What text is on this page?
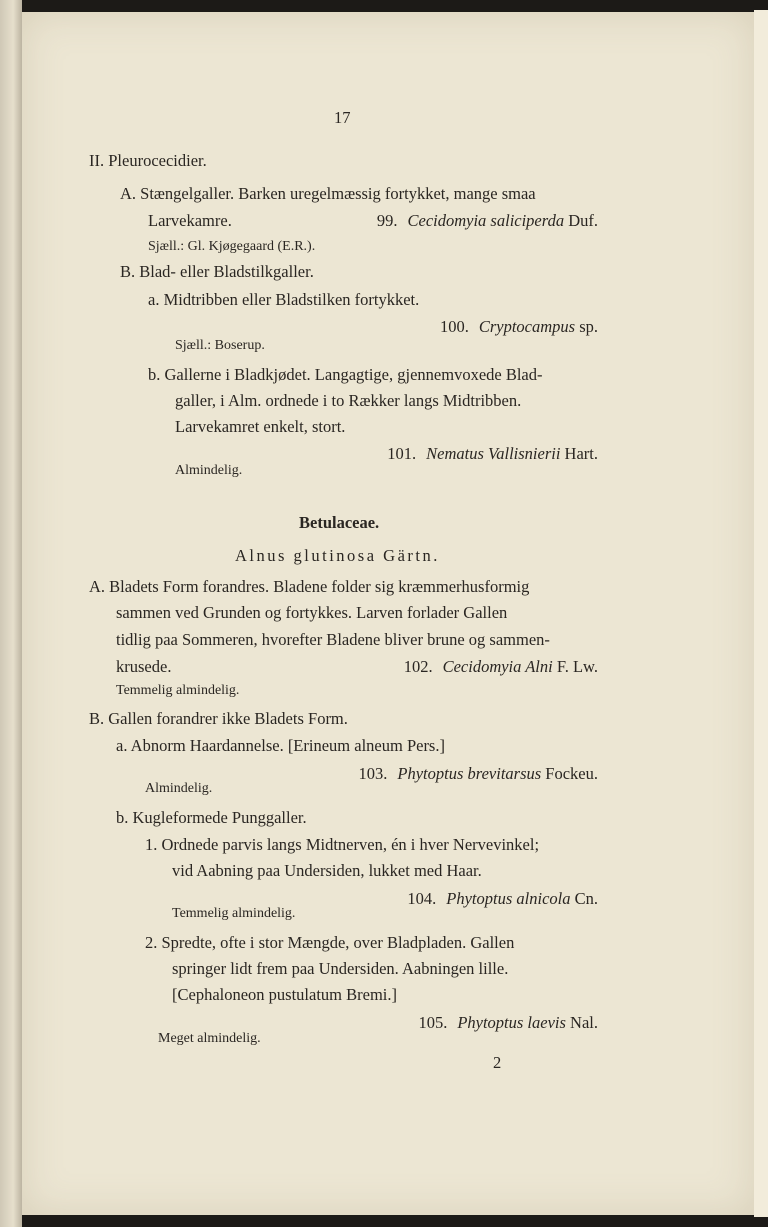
17
II. Pleurocecidier.
A. Stængelgaller. Barken uregelmæssig fortykket, mange smaa
Larvekamre.	99. Cecidomyia saliciperda Duf.
Sjæll.: Gl. Kjøgegaard (E.R.).
B. Blad- eller Bladstilkgaller.
a. Midtribben eller Bladstilken fortykket.
100. Cryptocampus sp.
Sjæll.: Boserup.
b. Gallerne i Bladkjødet. Langagtige, gjennemvoxede Blad-
galler, i Alm. ordnede i to Rækker langs Midtribben.
Larvekamret enkelt, stort.
101. Nematus Vallisnierii Hart.
Almindelig.
Betulaceae.
Alnus glutinosa Gärtn.
A. Bladets Form forandres. Bladene folder sig kræmmerhusformig
sammen ved Grunden og fortykkes. Larven forlader Gallen
tidlig paa Sommeren, hvorefter Bladene bliver brune og sammen-
krusede.	102. Cecidomyia Alni F. Lw.
Temmelig almindelig.
B. Gallen forandrer ikke Bladets Form.
a. Abnorm Haardannelse. [Erineum alneum Pers.]
103. Phytoptus brevitarsus Fockeu.
Almindelig.
b. Kugleformede Punggaller.
1. Ordnede parvis langs Midtnerven, én i hver Nervevinkel;
vid Aabning paa Undersiden, lukket med Haar.
104. Phytoptus alnicola Cn.
Temmelig almindelig.
2. Spredte, ofte i stor Mængde, over Bladpladen. Gallen
springer lidt frem paa Undersiden. Aabningen lille.
[Cephaloneon pustulatum Bremi.]
105. Phytoptus laevis Nal.
Meget almindelig.
2
